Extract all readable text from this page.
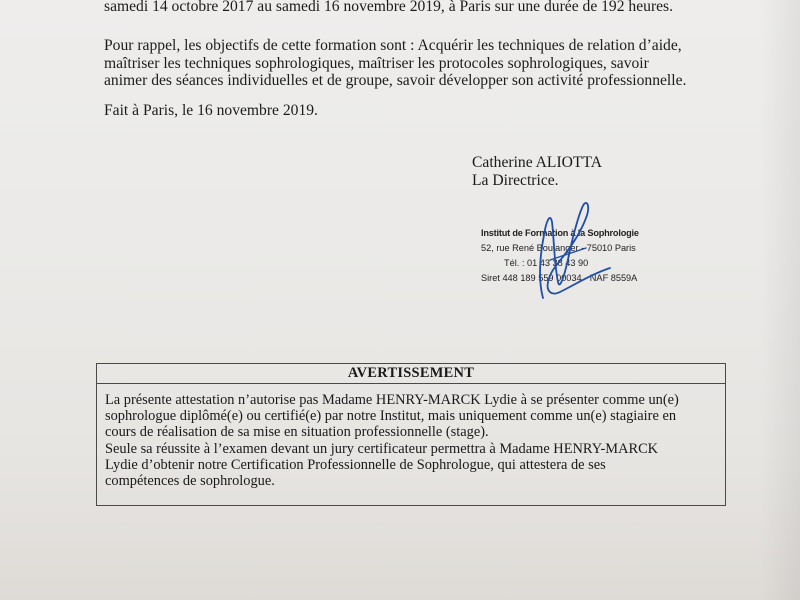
samedi 14 octobre 2017 au samedi 16 novembre 2019, à Paris sur une durée de 192 heures.
Pour rappel, les objectifs de cette formation sont : Acquérir les techniques de relation d’aide,
maîtriser les techniques sophrologiques, maîtriser les protocoles sophrologiques, savoir
animer des séances individuelles et de groupe, savoir développer son activité professionnelle.
Fait à Paris, le 16 novembre 2019.
Catherine ALIOTTA
La Directrice.
Institut de Formation à la Sophrologie
52, rue René Boulanger - 75010 Paris
Tél. : 01 43 38 43 90
Siret 448 189 559 00034 - NAF 8559A
AVERTISSEMENT
La présente attestation n’autorise pas Madame HENRY-MARCK Lydie à se présenter comme un(e)
sophrologue diplômé(e) ou certifié(e) par notre Institut, mais uniquement comme un(e) stagiaire en
cours de réalisation de sa mise en situation professionnelle (stage).
Seule sa réussite à l’examen devant un jury certificateur permettra à Madame HENRY-MARCK
Lydie d’obtenir notre Certification Professionnelle de Sophrologue, qui attestera de ses
compétences de sophrologue.
